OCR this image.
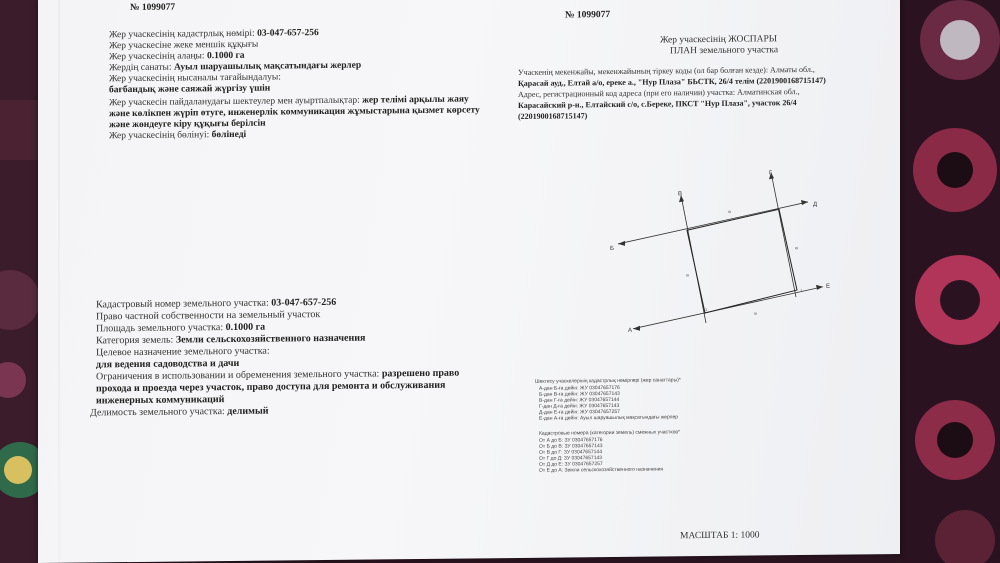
№ 1099077
№ 1099077
Жер учаскесінің кадастрлық нөмірі: 03-047-657-256
Жер учаскесіне жеке меншік құқығы
Жер учаскесінің алаңы: 0.1000 га
Жердің санаты: Ауыл шаруашылық мақсатындағы жерлер
Жер учаскесінің нысаналы тағайындалуы:
бағбандық және саяжай жүргізу үшін
Жер учаскесін пайдаланудағы шектеулер мен ауыртпалықтар: жер телімі арқылы жаяу
және көлікпен жүріп өтуге, инженерлік коммуникация жұмыстарына қызмет көрсету
және жөндеуге кіру құқығы берілсін
Жер учаскесінің бөлінуі: бөлінеді
Кадастровый номер земельного участка: 03-047-657-256
Право частной собственности на земельный участок
Площадь земельного участка: 0.1000 га
Категория земель: Земли сельскохозяйственного назначения
Целевое назначение земельного участка:
для ведения садоводства и дачи
Ограничения в использовании и обременения земельного участка: разрешено право
прохода и проезда через участок, право доступа для ремонта и обслуживания
инженерных коммуникаций
Делимость земельного участка: делимый
Жер учаскесінің ЖОСПАРЫ
ПЛАН земельного участка
Учаскенің мекенжайы, мекенжайының тіркеу коды (ол бар болған кезде): Алматы обл.,
Қарасай ауд., Елтай а/о, ереке а., "Нур Плаза" БЬСТК, 26/4 телім (2201900168715147)
Адрес, регистрационный код адреса (при его наличии) участка: Алматинская обл.,
Карасайский р-н., Елтайский с/о, с.Береке, ПКСТ "Нур Плаза", участок 26/4
(2201900168715147)
А
Б
В
Г
Д
Е
1
1
ш
ш
ш
ш
Шектесу учаскелерінің кадастрлық нөмірлері (жер санаттары)*
А-дан Б-ға дейін: ЖУ 03047657176
Б-дан В-ға дейін: ЖУ 03047657143
В-дан Г-ға дейін: ЖУ 03047657144
Г-дан Д-ға дейін: ЖУ 03047657143
Д-дан Е-ға дейін: ЖУ 03047657257
Е-дан А-ға дейін: Ауыл шаруашылық мақсатындағы жерлер
Кадастровые номера (категории земель) смежных участков*
От А до Б: ЗУ 03047657176
От Б до В: ЗУ 03047657143
От В до Г: ЗУ 03047657144
От Г до Д: ЗУ 03047657143
От Д до Е: ЗУ 03047657257
От Е до А: Земли сельскохозяйственного назначения
МАСШТАБ 1: 1000
